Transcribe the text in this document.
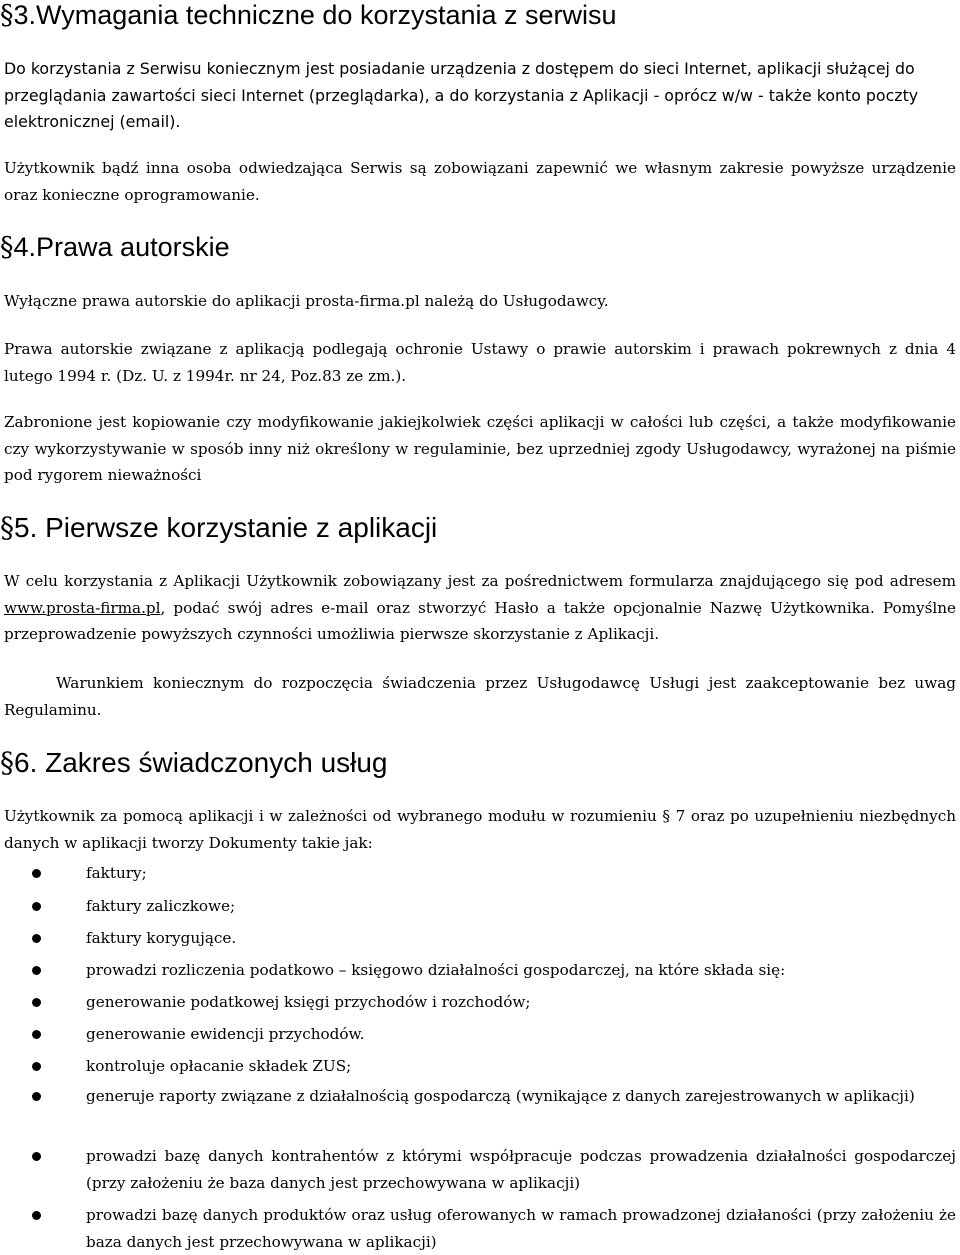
§3.Wymagania techniczne do korzystania z serwisu

Do korzystania z Serwisu koniecznym jest posiadanie urządzenia z dostępem do sieci Internet, aplikacji służącej do przeglądania zawartości sieci Internet (przeglądarka), a do korzystania z Aplikacji - oprócz w/w - także konto poczty elektronicznej (email).

Użytkownik bądź inna osoba odwiedzająca Serwis są zobowiązani zapewnić we własnym zakresie powyższe urządzenie oraz konieczne oprogramowanie.

§4.Prawa autorskie

Wyłączne prawa autorskie do aplikacji prosta-firma.pl należą do Usługodawcy.

Prawa autorskie związane z aplikacją podlegają ochronie Ustawy o prawie autorskim i prawach pokrewnych z dnia 4 lutego 1994 r. (Dz. U. z 1994r. nr 24, Poz.83 ze zm.).

Zabronione jest kopiowanie czy modyfikowanie jakiejkolwiek części aplikacji w całości lub części, a także modyfikowanie czy wykorzystywanie w sposób inny niż określony w regulaminie, bez uprzedniej zgody Usługodawcy, wyrażonej na piśmie pod rygorem nieważności

§5. Pierwsze korzystanie z aplikacji

W celu korzystania z Aplikacji Użytkownik zobowiązany jest za pośrednictwem formularza znajdującego się pod adresem www.prosta-firma.pl, podać swój adres e-mail oraz stworzyć Hasło a także opcjonalnie Nazwę Użytkownika. Pomyślne przeprowadzenie powyższych czynności umożliwia pierwsze skorzystanie z Aplikacji.

Warunkiem koniecznym do rozpoczęcia świadczenia przez Usługodawcę Usługi jest zaakceptowanie bez uwag Regulaminu.

§6. Zakres świadczonych usług

Użytkownik za pomocą aplikacji i w zależności od wybranego modułu w rozumieniu § 7 oraz po uzupełnieniu niezbędnych danych w aplikacji tworzy Dokumenty takie jak:

faktury;
faktury zaliczkowe;
faktury korygujące.
prowadzi rozliczenia podatkowo – księgowo działalności gospodarczej, na które składa się:
generowanie podatkowej księgi przychodów i rozchodów;
generowanie ewidencji przychodów.
kontroluje opłacanie składek ZUS;
generuje raporty związane z działalnością gospodarczą (wynikające z danych zarejestrowanych w aplikacji)
prowadzi bazę danych kontrahentów z którymi współpracuje podczas prowadzenia działalności gospodarczej (przy założeniu że baza danych jest przechowywana w aplikacji)
prowadzi bazę danych produktów oraz usług oferowanych w ramach prowadzonej działaności (przy założeniu że baza danych jest przechowywana w aplikacji)
